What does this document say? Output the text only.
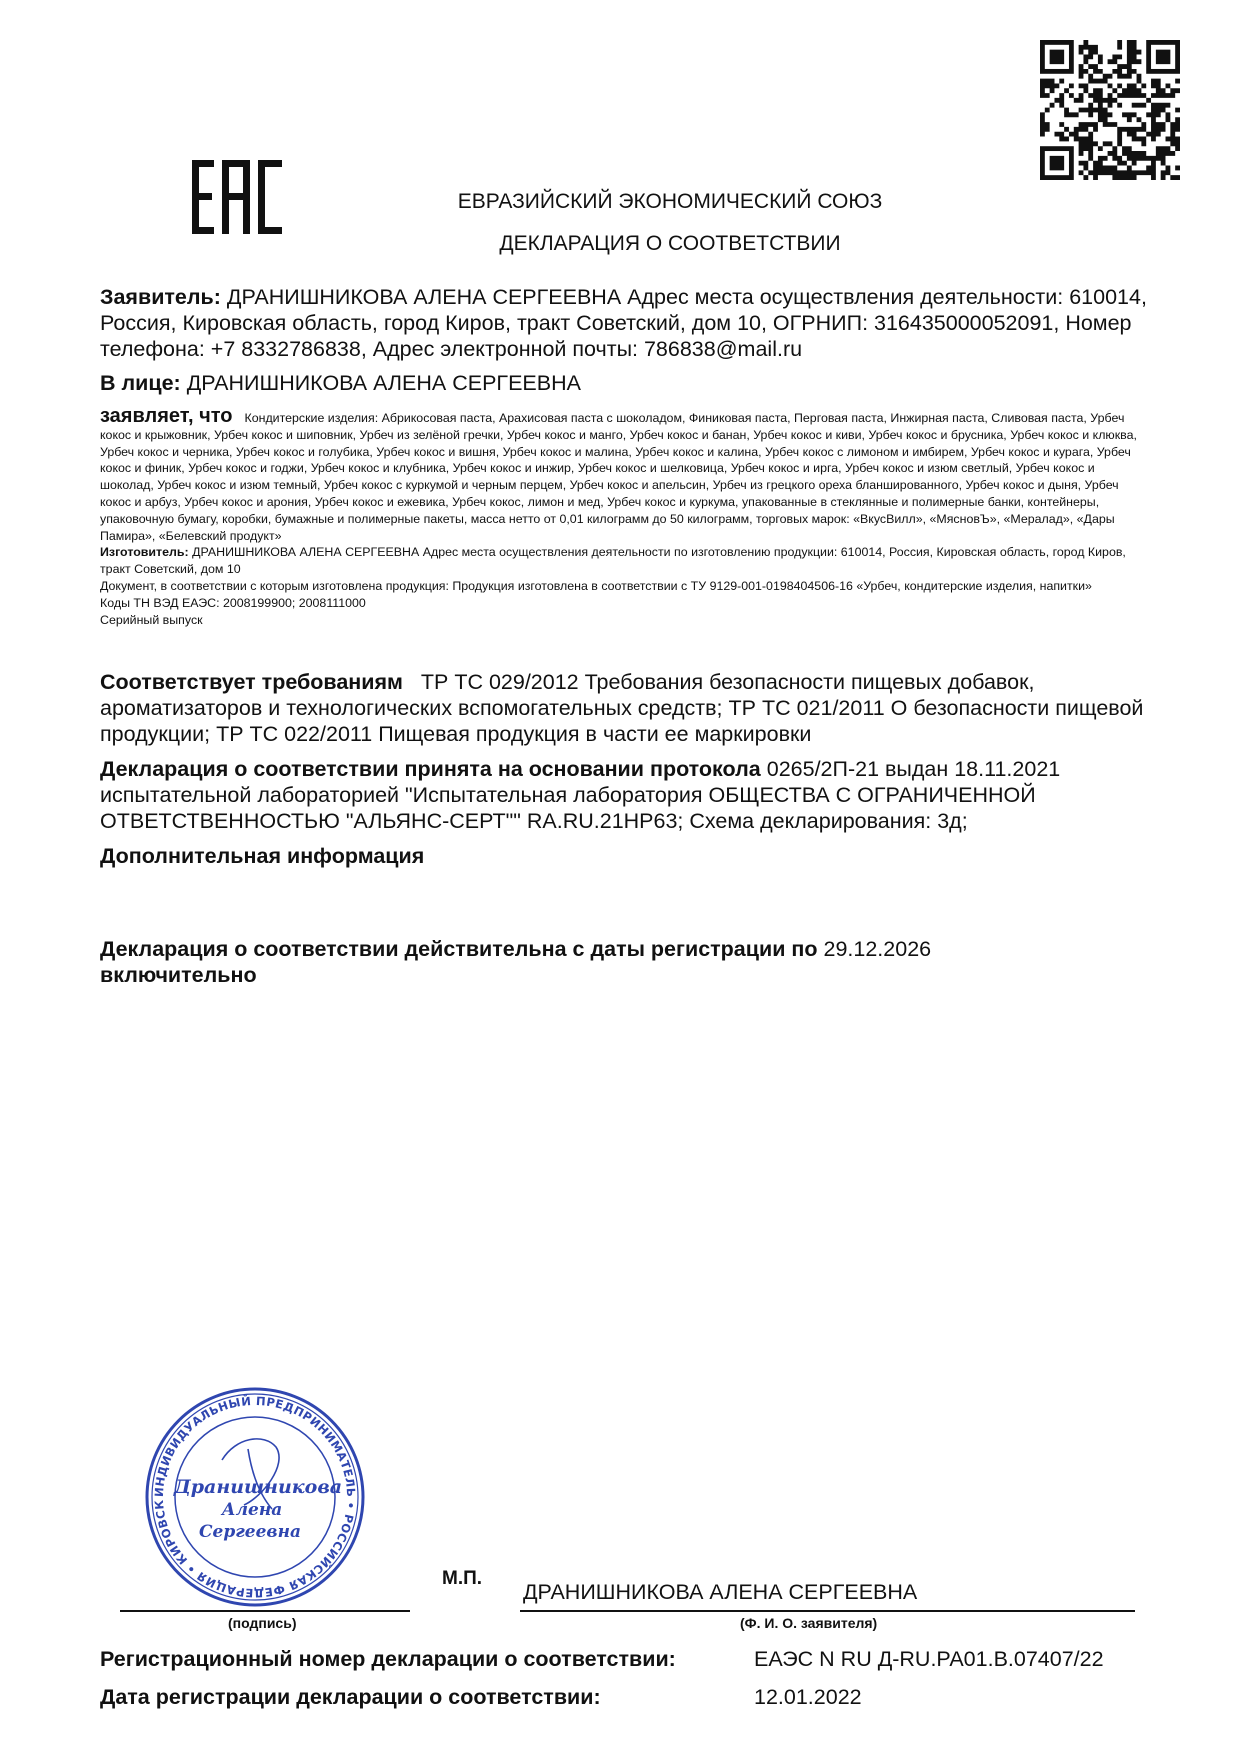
ЕВРАЗИЙСКИЙ ЭКОНОМИЧЕСКИЙ СОЮЗ
ДЕКЛАРАЦИЯ О СООТВЕТСТВИИ
Заявитель: ДРАНИШНИКОВА АЛЕНА СЕРГЕЕВНА Адрес места осуществления деятельности: 610014, Россия, Кировская область, город Киров, тракт Советский, дом 10, ОГРНИП: 316435000052091, Номер телефона: +7 8332786838, Адрес электронной почты: 786838@mail.ru
В лице: ДРАНИШНИКОВА АЛЕНА СЕРГЕЕВНА
заявляет, что Кондитерские изделия: Абрикосовая паста, Арахисовая паста с шоколадом, Финиковая паста, Перговая паста, Инжирная паста, Сливовая паста, Урбеч кокос и крыжовник, Урбеч кокос и шиповник, Урбеч из зелёной гречки, Урбеч кокос и манго, Урбеч кокос и банан, Урбеч кокос и киви, Урбеч кокос и брусника, Урбеч кокос и клюква, Урбеч кокос и черника, Урбеч кокос и голубика, Урбеч кокос и вишня, Урбеч кокос и малина, Урбеч кокос и калина, Урбеч кокос с лимоном и имбирем, Урбеч кокос и курага, Урбеч кокос и финик, Урбеч кокос и годжи, Урбеч кокос и клубника, Урбеч кокос и инжир, Урбеч кокос и шелковица, Урбеч кокос и ирга, Урбеч кокос и изюм светлый, Урбеч кокос и шоколад, Урбеч кокос и изюм темный, Урбеч кокос с куркумой и черным перцем, Урбеч кокос и апельсин, Урбеч из грецкого ореха бланшированного, Урбеч кокос и дыня, Урбеч кокос и арбуз, Урбеч кокос и арония, Урбеч кокос и ежевика, Урбеч кокос, лимон и мед, Урбеч кокос и куркума, упакованные в стеклянные и полимерные банки, контейнеры, упаковочную бумагу, коробки, бумажные и полимерные пакеты, масса нетто от 0,01 килограмм до 50 килограмм, торговых марок: «ВкусВилл», «МясновЪ», «Мералад», «Дары Памира», «Белевский продукт»
Изготовитель: ДРАНИШНИКОВА АЛЕНА СЕРГЕЕВНА Адрес места осуществления деятельности по изготовлению продукции: 610014, Россия, Кировская область, город Киров, тракт Советский, дом 10
Документ, в соответствии с которым изготовлена продукция: Продукция изготовлена в соответствии с ТУ 9129-001-0198404506-16 «Урбеч, кондитерские изделия, напитки»
Коды ТН ВЭД ЕАЭС: 2008199900; 2008111000
Серийный выпуск
Соответствует требованиям ТР ТС 029/2012 Требования безопасности пищевых добавок, ароматизаторов и технологических вспомогательных средств; ТР ТС 021/2011 О безопасности пищевой продукции; ТР ТС 022/2011 Пищевая продукция в части ее маркировки
Декларация о соответствии принята на основании протокола 0265/2П-21 выдан 18.11.2021 испытательной лабораторией "Испытательная лаборатория ОБЩЕСТВА С ОГРАНИЧЕННОЙ ОТВЕТСТВЕННОСТЬЮ "АЛЬЯНС-СЕРТ"" RA.RU.21НР63; Схема декларирования: 3д;
Дополнительная информация
Декларация о соответствии действительна с даты регистрации по 29.12.2026
включительно
ИНДИВИДУАЛЬНЫЙ ПРЕДПРИНИМАТЕЛЬ • РОССИЙСКАЯ ФЕДЕРАЦИЯ • КИРОВСК
Дранишникова
Алена
Сергеевна
М.П.
ДРАНИШНИКОВА АЛЕНА СЕРГЕЕВНА
(подпись)	(Ф. И. О. заявителя)
Регистрационный номер декларации о соответствии:	ЕАЭС N RU Д-RU.РА01.В.07407/22
Дата регистрации декларации о соответствии:	12.01.2022
